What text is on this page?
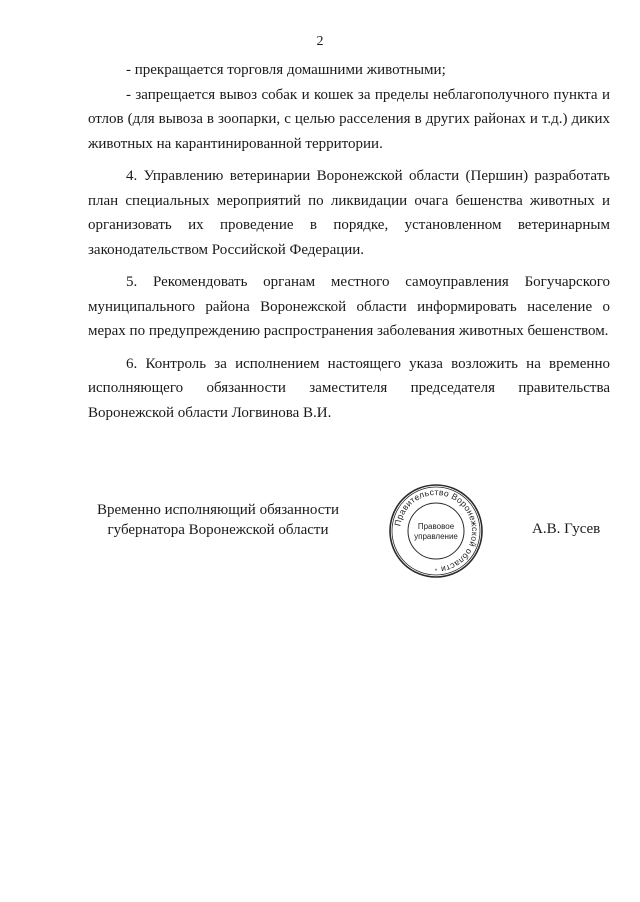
2

- прекращается торговля домашними животными;

- запрещается вывоз собак и кошек за пределы неблагополучного пункта и отлов (для вывоза в зоопарки, с целью расселения в других районах и т.д.) диких животных на карантинированной территории.

4. Управлению ветеринарии Воронежской области (Першин) разработать план специальных мероприятий по ликвидации очага бешенства животных и организовать их проведение в порядке, установленном ветеринарным законодательством Российской Федерации.

5. Рекомендовать органам местного самоуправления Богучарского муниципального района Воронежской области информировать население о мерах по предупреждению распространения заболевания животных бешенством.

6. Контроль за исполнением настоящего указа возложить на временно исполняющего обязанности заместителя председателя правительства Воронежской области Логвинова В.И.

Временно исполняющий обязанности
губернатора Воронежской области	Правительство Воронежской области
Правовое
управление
*
А.В. Гусев
